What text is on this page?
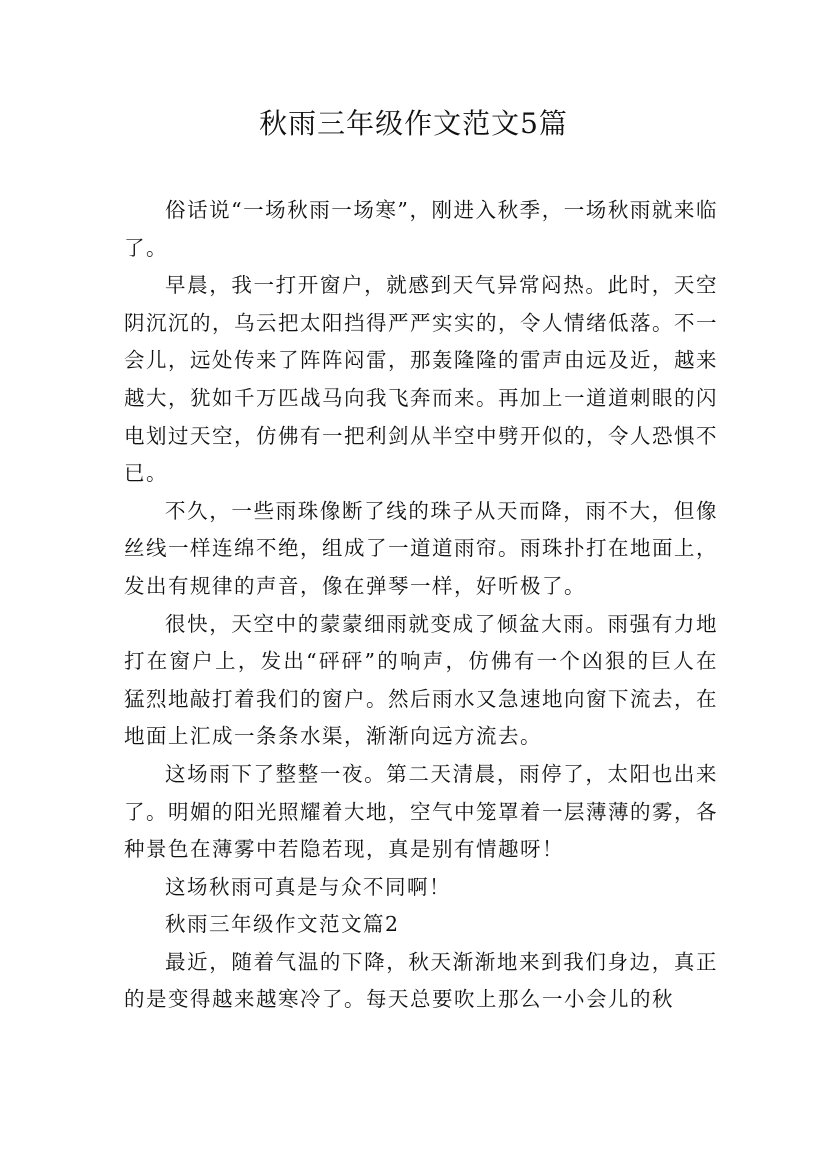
秋雨三年级作文范文5篇

俗话说“一场秋雨一场寒”，刚进入秋季，一场秋雨就来临了。

早晨，我一打开窗户，就感到天气异常闷热。此时，天空阴沉沉的，乌云把太阳挡得严严实实的，令人情绪低落。不一会儿，远处传来了阵阵闷雷，那轰隆隆的雷声由远及近，越来越大，犹如千万匹战马向我飞奔而来。再加上一道道刺眼的闪电划过天空，仿佛有一把利剑从半空中劈开似的，令人恐惧不已。

不久，一些雨珠像断了线的珠子从天而降，雨不大，但像丝线一样连绵不绝，组成了一道道雨帘。雨珠扑打在地面上，发出有规律的声音，像在弹琴一样，好听极了。

很快，天空中的蒙蒙细雨就变成了倾盆大雨。雨强有力地打在窗户上，发出“砰砰”的响声，仿佛有一个凶狠的巨人在猛烈地敲打着我们的窗户。然后雨水又急速地向窗下流去，在地面上汇成一条条水渠，渐渐向远方流去。

这场雨下了整整一夜。第二天清晨，雨停了，太阳也出来了。明媚的阳光照耀着大地，空气中笼罩着一层薄薄的雾，各种景色在薄雾中若隐若现，真是别有情趣呀！

这场秋雨可真是与众不同啊！

秋雨三年级作文范文篇2

最近，随着气温的下降，秋天渐渐地来到我们身边，真正的是变得越来越寒冷了。每天总要吹上那么一小会儿的秋
